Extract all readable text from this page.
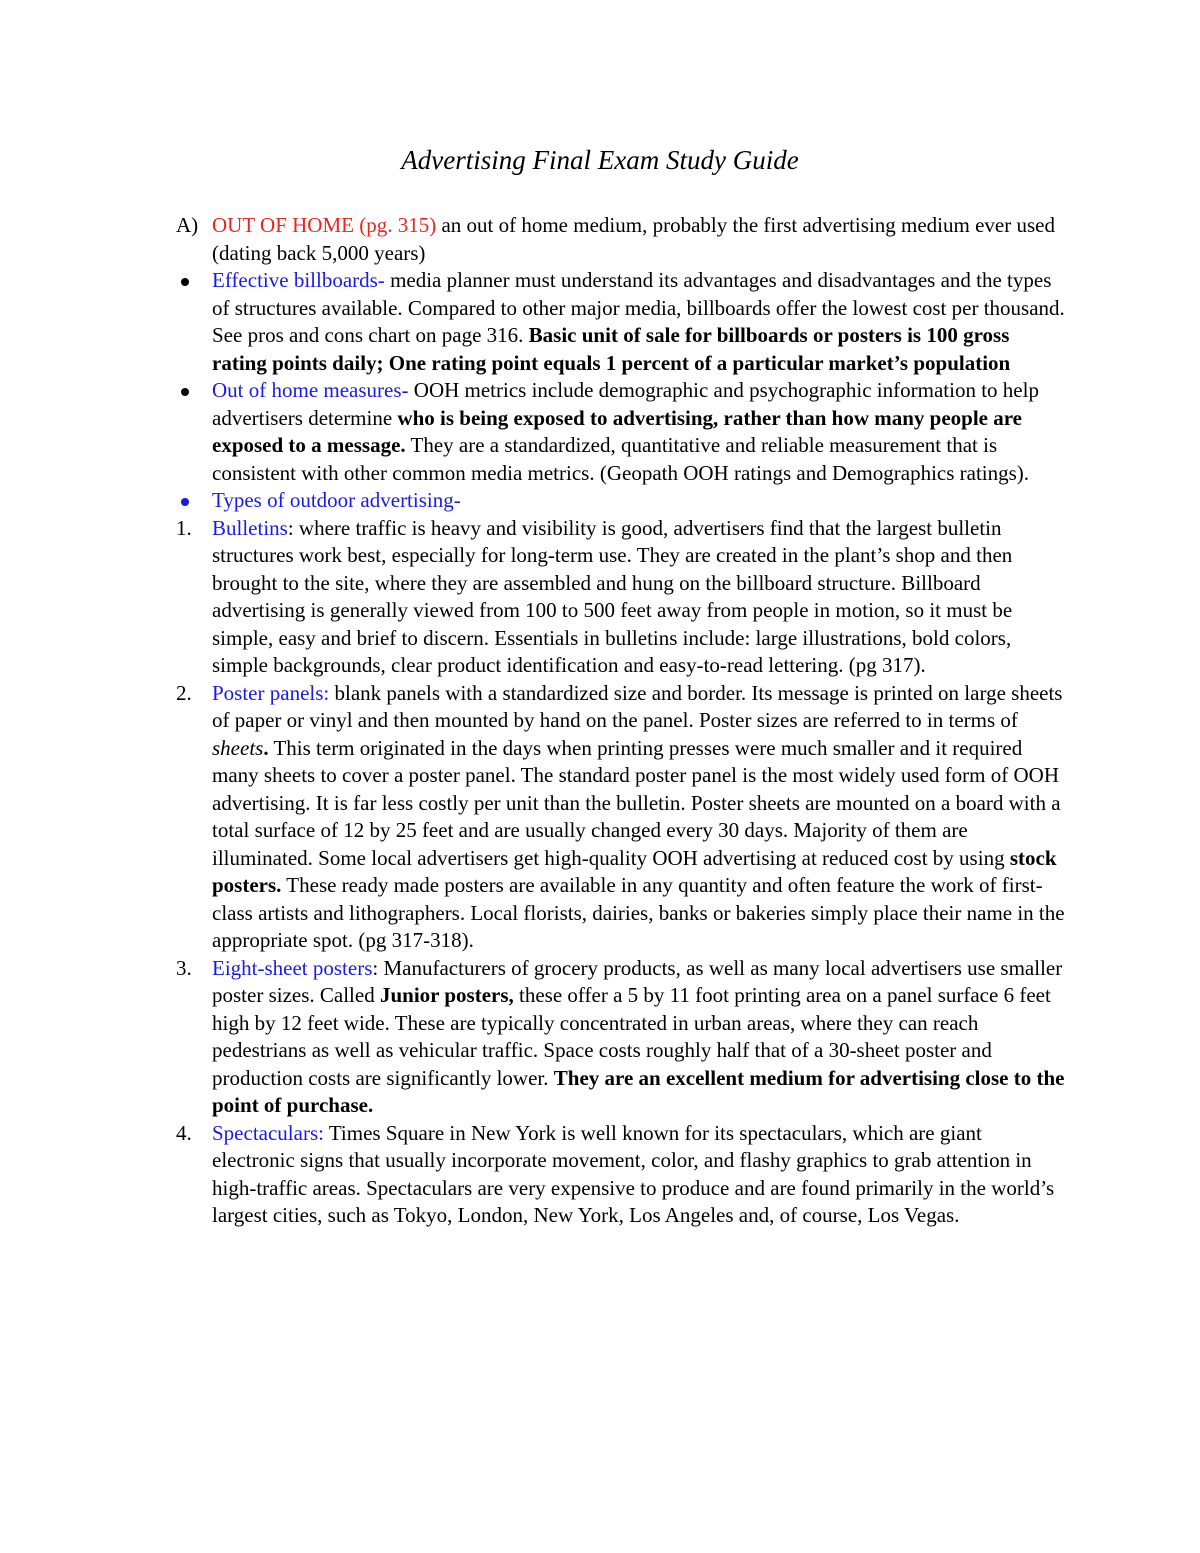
Advertising Final Exam Study Guide

A) OUT OF HOME (pg. 315) an out of home medium, probably the first advertising medium ever used (dating back 5,000 years)

Effective billboards- media planner must understand its advantages and disadvantages and the types of structures available. Compared to other major media, billboards offer the lowest cost per thousand. See pros and cons chart on page 316. Basic unit of sale for billboards or posters is 100 gross rating points daily; One rating point equals 1 percent of a particular market’s population

Out of home measures- OOH metrics include demographic and psychographic information to help advertisers determine who is being exposed to advertising, rather than how many people are exposed to a message. They are a standardized, quantitative and reliable measurement that is consistent with other common media metrics. (Geopath OOH ratings and Demographics ratings).

Types of outdoor advertising-

1. Bulletins: where traffic is heavy and visibility is good, advertisers find that the largest bulletin structures work best, especially for long-term use. They are created in the plant’s shop and then brought to the site, where they are assembled and hung on the billboard structure. Billboard advertising is generally viewed from 100 to 500 feet away from people in motion, so it must be simple, easy and brief to discern. Essentials in bulletins include: large illustrations, bold colors, simple backgrounds, clear product identification and easy-to-read lettering. (pg 317).

2. Poster panels: blank panels with a standardized size and border. Its message is printed on large sheets of paper or vinyl and then mounted by hand on the panel. Poster sizes are referred to in terms of sheets. This term originated in the days when printing presses were much smaller and it required many sheets to cover a poster panel. The standard poster panel is the most widely used form of OOH advertising. It is far less costly per unit than the bulletin. Poster sheets are mounted on a board with a total surface of 12 by 25 feet and are usually changed every 30 days. Majority of them are illuminated. Some local advertisers get high-quality OOH advertising at reduced cost by using stock posters. These ready made posters are available in any quantity and often feature the work of first-class artists and lithographers. Local florists, dairies, banks or bakeries simply place their name in the appropriate spot. (pg 317-318).

3. Eight-sheet posters: Manufacturers of grocery products, as well as many local advertisers use smaller poster sizes. Called Junior posters, these offer a 5 by 11 foot printing area on a panel surface 6 feet high by 12 feet wide. These are typically concentrated in urban areas, where they can reach pedestrians as well as vehicular traffic. Space costs roughly half that of a 30-sheet poster and production costs are significantly lower. They are an excellent medium for advertising close to the point of purchase.

4. Spectaculars: Times Square in New York is well known for its spectaculars, which are giant electronic signs that usually incorporate movement, color, and flashy graphics to grab attention in high-traffic areas. Spectaculars are very expensive to produce and are found primarily in the world’s largest cities, such as Tokyo, London, New York, Los Angeles and, of course, Los Vegas.
